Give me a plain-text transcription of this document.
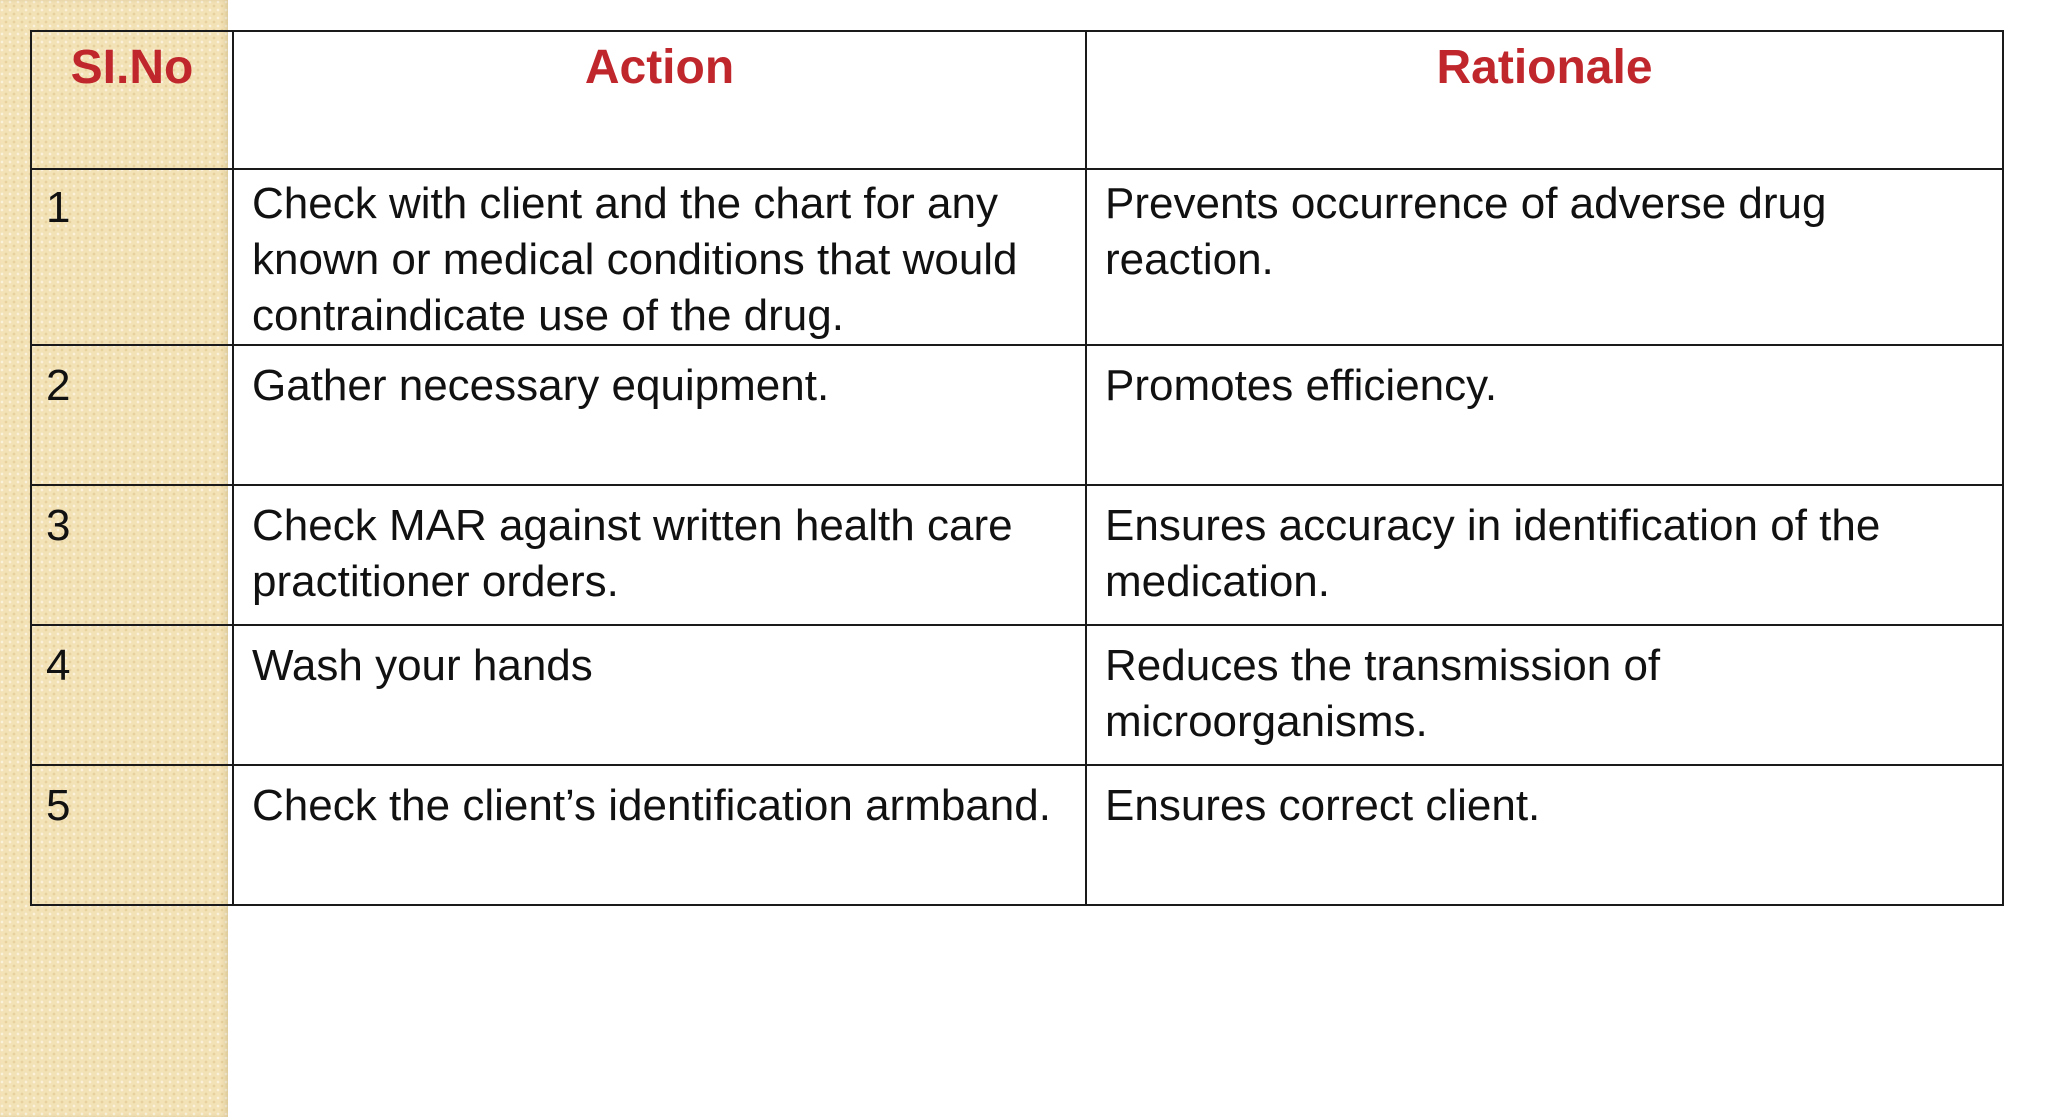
SI.No	Action	Rationale
1	Check with client and the chart for any known or medical conditions that would contraindicate use of the drug.	Prevents occurrence of adverse drug reaction.
2	Gather necessary equipment.	Promotes efficiency.
3	Check MAR against written health care practitioner orders.	Ensures accuracy in identification of the medication.
4	Wash your hands	Reduces the transmission of microorganisms.
5	Check the client’s identification armband.	Ensures correct client.
